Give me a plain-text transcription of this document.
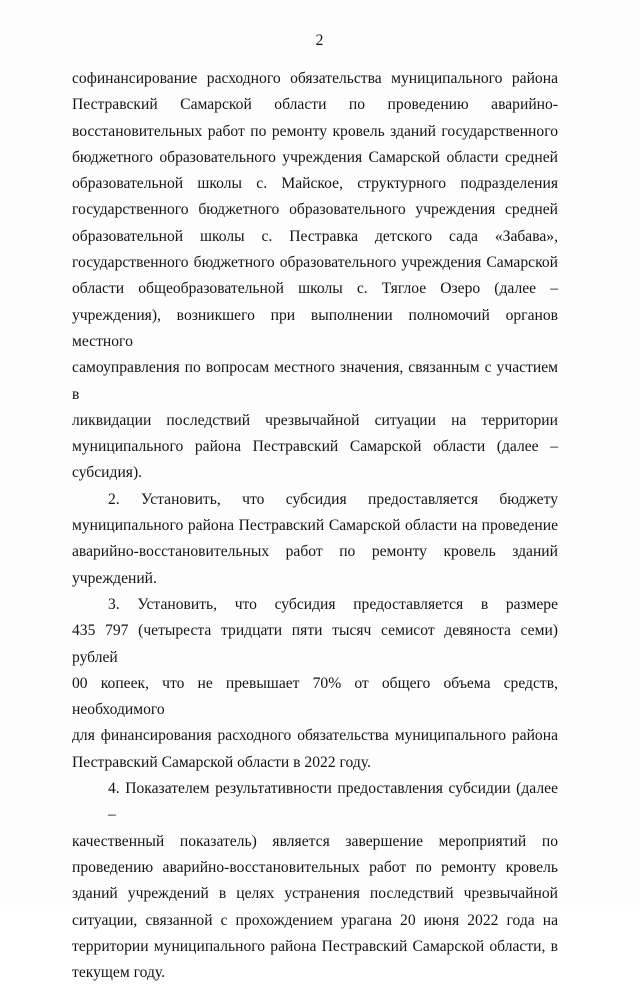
2
софинансирование расходного обязательства муниципального района
Пестравский Самарской области по проведению аварийно-
восстановительных работ по ремонту кровель зданий государственного
бюджетного образовательного учреждения Самарской области средней
образовательной школы с. Майское, структурного подразделения
государственного бюджетного образовательного учреждения средней
образовательной школы с. Пестравка детского сада «Забава»,
государственного бюджетного образовательного учреждения Самарской
области общеобразовательной школы с. Тяглое Озеро (далее –
учреждения), возникшего при выполнении полномочий органов местного
самоуправления по вопросам местного значения, связанным с участием в
ликвидации последствий чрезвычайной ситуации на территории
муниципального района Пестравский Самарской области (далее –
субсидия).
2. Установить, что субсидия предоставляется бюджету
муниципального района Пестравский Самарской области на проведение
аварийно-восстановительных работ по ремонту кровель зданий
учреждений.
3. Установить, что субсидия предоставляется в размере
435 797 (четыреста тридцати пяти тысяч семисот девяноста семи) рублей
00 копеек, что не превышает 70% от общего объема средств, необходимого
для финансирования расходного обязательства муниципального района
Пестравский Самарской области в 2022 году.
4. Показателем результативности предоставления субсидии (далее –
качественный показатель) является завершение мероприятий по
проведению аварийно-восстановительных работ по ремонту кровель
зданий учреждений в целях устранения последствий чрезвычайной
ситуации, связанной с прохождением урагана 20 июня 2022 года на
территории муниципального района Пестравский Самарской области, в
текущем году.
